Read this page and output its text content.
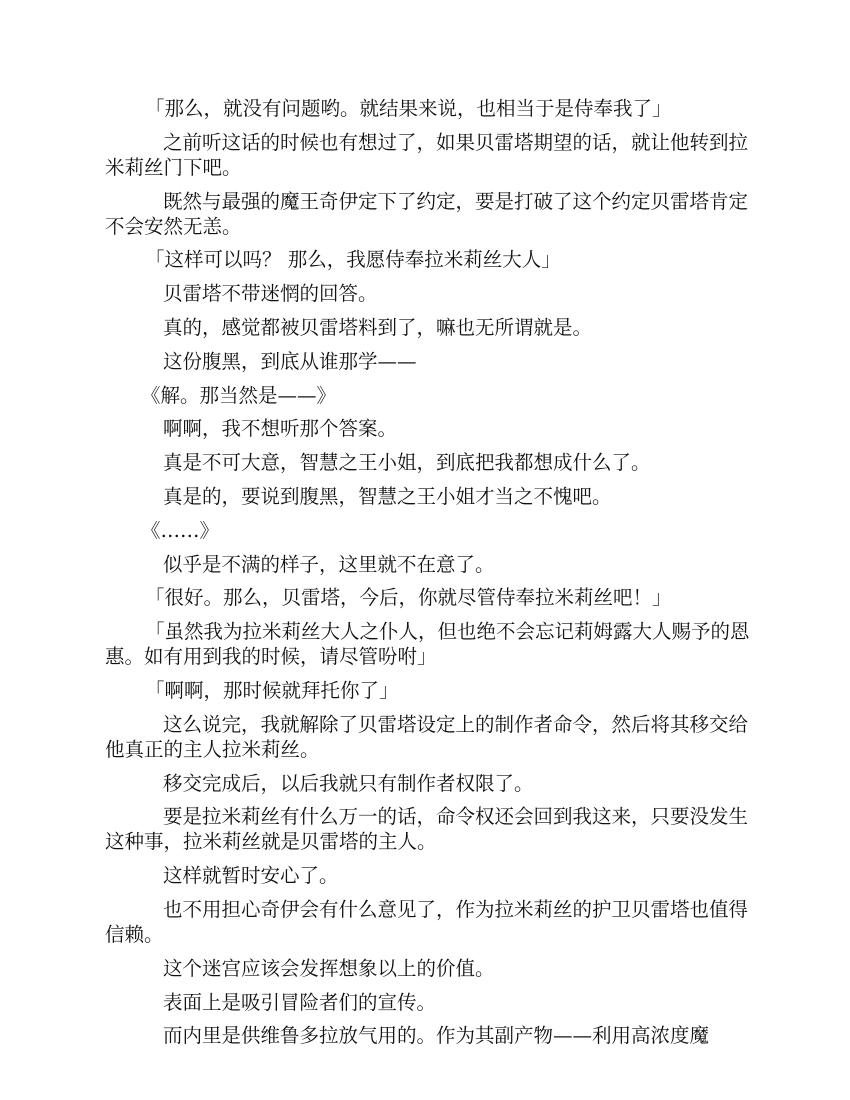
「那么，就没有问题哟。就结果来说，也相当于是侍奉我了」

之前听这话的时候也有想过了，如果贝雷塔期望的话，就让他转到拉米莉丝门下吧。

既然与最强的魔王奇伊定下了约定，要是打破了这个约定贝雷塔肯定不会安然无恙。

「这样可以吗？ 那么，我愿侍奉拉米莉丝大人」

贝雷塔不带迷惘的回答。

真的，感觉都被贝雷塔料到了，嘛也无所谓就是。

这份腹黑，到底从谁那学——

《解。那当然是——》

啊啊，我不想听那个答案。

真是不可大意，智慧之王小姐，到底把我都想成什么了。

真是的，要说到腹黑，智慧之王小姐才当之不愧吧。

《……》

似乎是不满的样子，这里就不在意了。

「很好。那么，贝雷塔，今后，你就尽管侍奉拉米莉丝吧！」

「虽然我为拉米莉丝大人之仆人，但也绝不会忘记莉姆露大人赐予的恩惠。如有用到我的时候，请尽管吩咐」

「啊啊，那时候就拜托你了」

这么说完，我就解除了贝雷塔设定上的制作者命令，然后将其移交给他真正的主人拉米莉丝。

移交完成后，以后我就只有制作者权限了。

要是拉米莉丝有什么万一的话，命令权还会回到我这来，只要没发生这种事，拉米莉丝就是贝雷塔的主人。

这样就暂时安心了。

也不用担心奇伊会有什么意见了，作为拉米莉丝的护卫贝雷塔也值得信赖。

这个迷宫应该会发挥想象以上的价值。

表面上是吸引冒险者们的宣传。

而内里是供维鲁多拉放气用的。作为其副产物——利用高浓度魔
